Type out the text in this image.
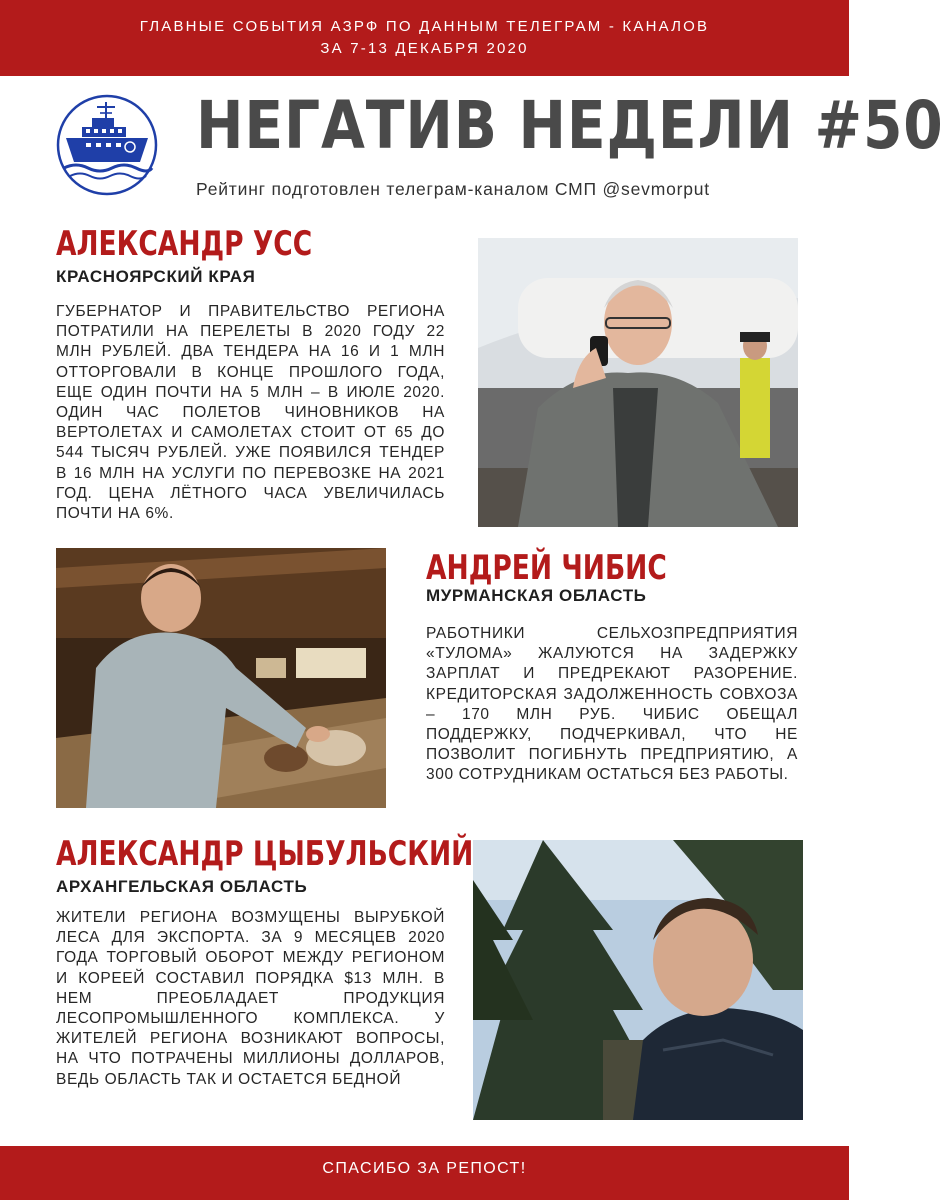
ГЛАВНЫЕ СОБЫТИЯ АЗРФ ПО ДАННЫМ ТЕЛЕГРАМ - КАНАЛОВ
ЗА 7-13 ДЕКАБРЯ 2020
НЕГАТИВ НЕДЕЛИ #50
Рейтинг подготовлен телеграм-каналом СМП @sevmorput
АЛЕКСАНДР УСС
КРАСНОЯРСКИЙ КРАЯ
ГУБЕРНАТОР И ПРАВИТЕЛЬСТВО РЕГИОНА ПОТРАТИЛИ НА ПЕРЕЛЕТЫ В 2020 ГОДУ 22 МЛН РУБЛЕЙ. ДВА ТЕНДЕРА НА 16 И 1 МЛН ОТТОРГОВАЛИ В КОНЦЕ ПРОШЛОГО ГОДА, ЕЩЕ ОДИН ПОЧТИ НА 5 МЛН – В ИЮЛЕ 2020. ОДИН ЧАС ПОЛЕТОВ ЧИНОВНИКОВ НА ВЕРТОЛЕТАХ И САМОЛЕТАХ СТОИТ ОТ 65 ДО 544 ТЫСЯЧ РУБЛЕЙ. УЖЕ ПОЯВИЛСЯ ТЕНДЕР В 16 МЛН НА УСЛУГИ ПО ПЕРЕВОЗКЕ НА 2021 ГОД. ЦЕНА ЛЁТНОГО ЧАСА УВЕЛИЧИЛАСЬ ПОЧТИ НА 6%.
АНДРЕЙ ЧИБИС
МУРМАНСКАЯ ОБЛАСТЬ
РАБОТНИКИ СЕЛЬХОЗПРЕДПРИЯТИЯ «ТУЛОМА» ЖАЛУЮТСЯ НА ЗАДЕРЖКУ ЗАРПЛАТ И ПРЕДРЕКАЮТ РАЗОРЕНИЕ. КРЕДИТОРСКАЯ ЗАДОЛЖЕННОСТЬ СОВХОЗА – 170 МЛН РУБ. ЧИБИС ОБЕЩАЛ ПОДДЕРЖКУ, ПОДЧЕРКИВАЛ, ЧТО НЕ ПОЗВОЛИТ ПОГИБНУТЬ ПРЕДПРИЯТИЮ, А 300 СОТРУДНИКАМ ОСТАТЬСЯ БЕЗ РАБОТЫ.
АЛЕКСАНДР ЦЫБУЛЬСКИЙ
АРХАНГЕЛЬСКАЯ ОБЛАСТЬ
ЖИТЕЛИ РЕГИОНА ВОЗМУЩЕНЫ ВЫРУБКОЙ ЛЕСА ДЛЯ ЭКСПОРТА. ЗА 9 МЕСЯЦЕВ 2020 ГОДА ТОРГОВЫЙ ОБОРОТ МЕЖДУ РЕГИОНОМ И КОРЕЕЙ СОСТАВИЛ ПОРЯДКА $13 МЛН. В НЕМ ПРЕОБЛАДАЕТ ПРОДУКЦИЯ ЛЕСОПРОМЫШЛЕННОГО КОМПЛЕКСА. У ЖИТЕЛЕЙ РЕГИОНА ВОЗНИКАЮТ ВОПРОСЫ, НА ЧТО ПОТРАЧЕНЫ МИЛЛИОНЫ ДОЛЛАРОВ, ВЕДЬ ОБЛАСТЬ ТАК И ОСТАЕТСЯ БЕДНОЙ
СПАСИБО ЗА РЕПОСТ!
